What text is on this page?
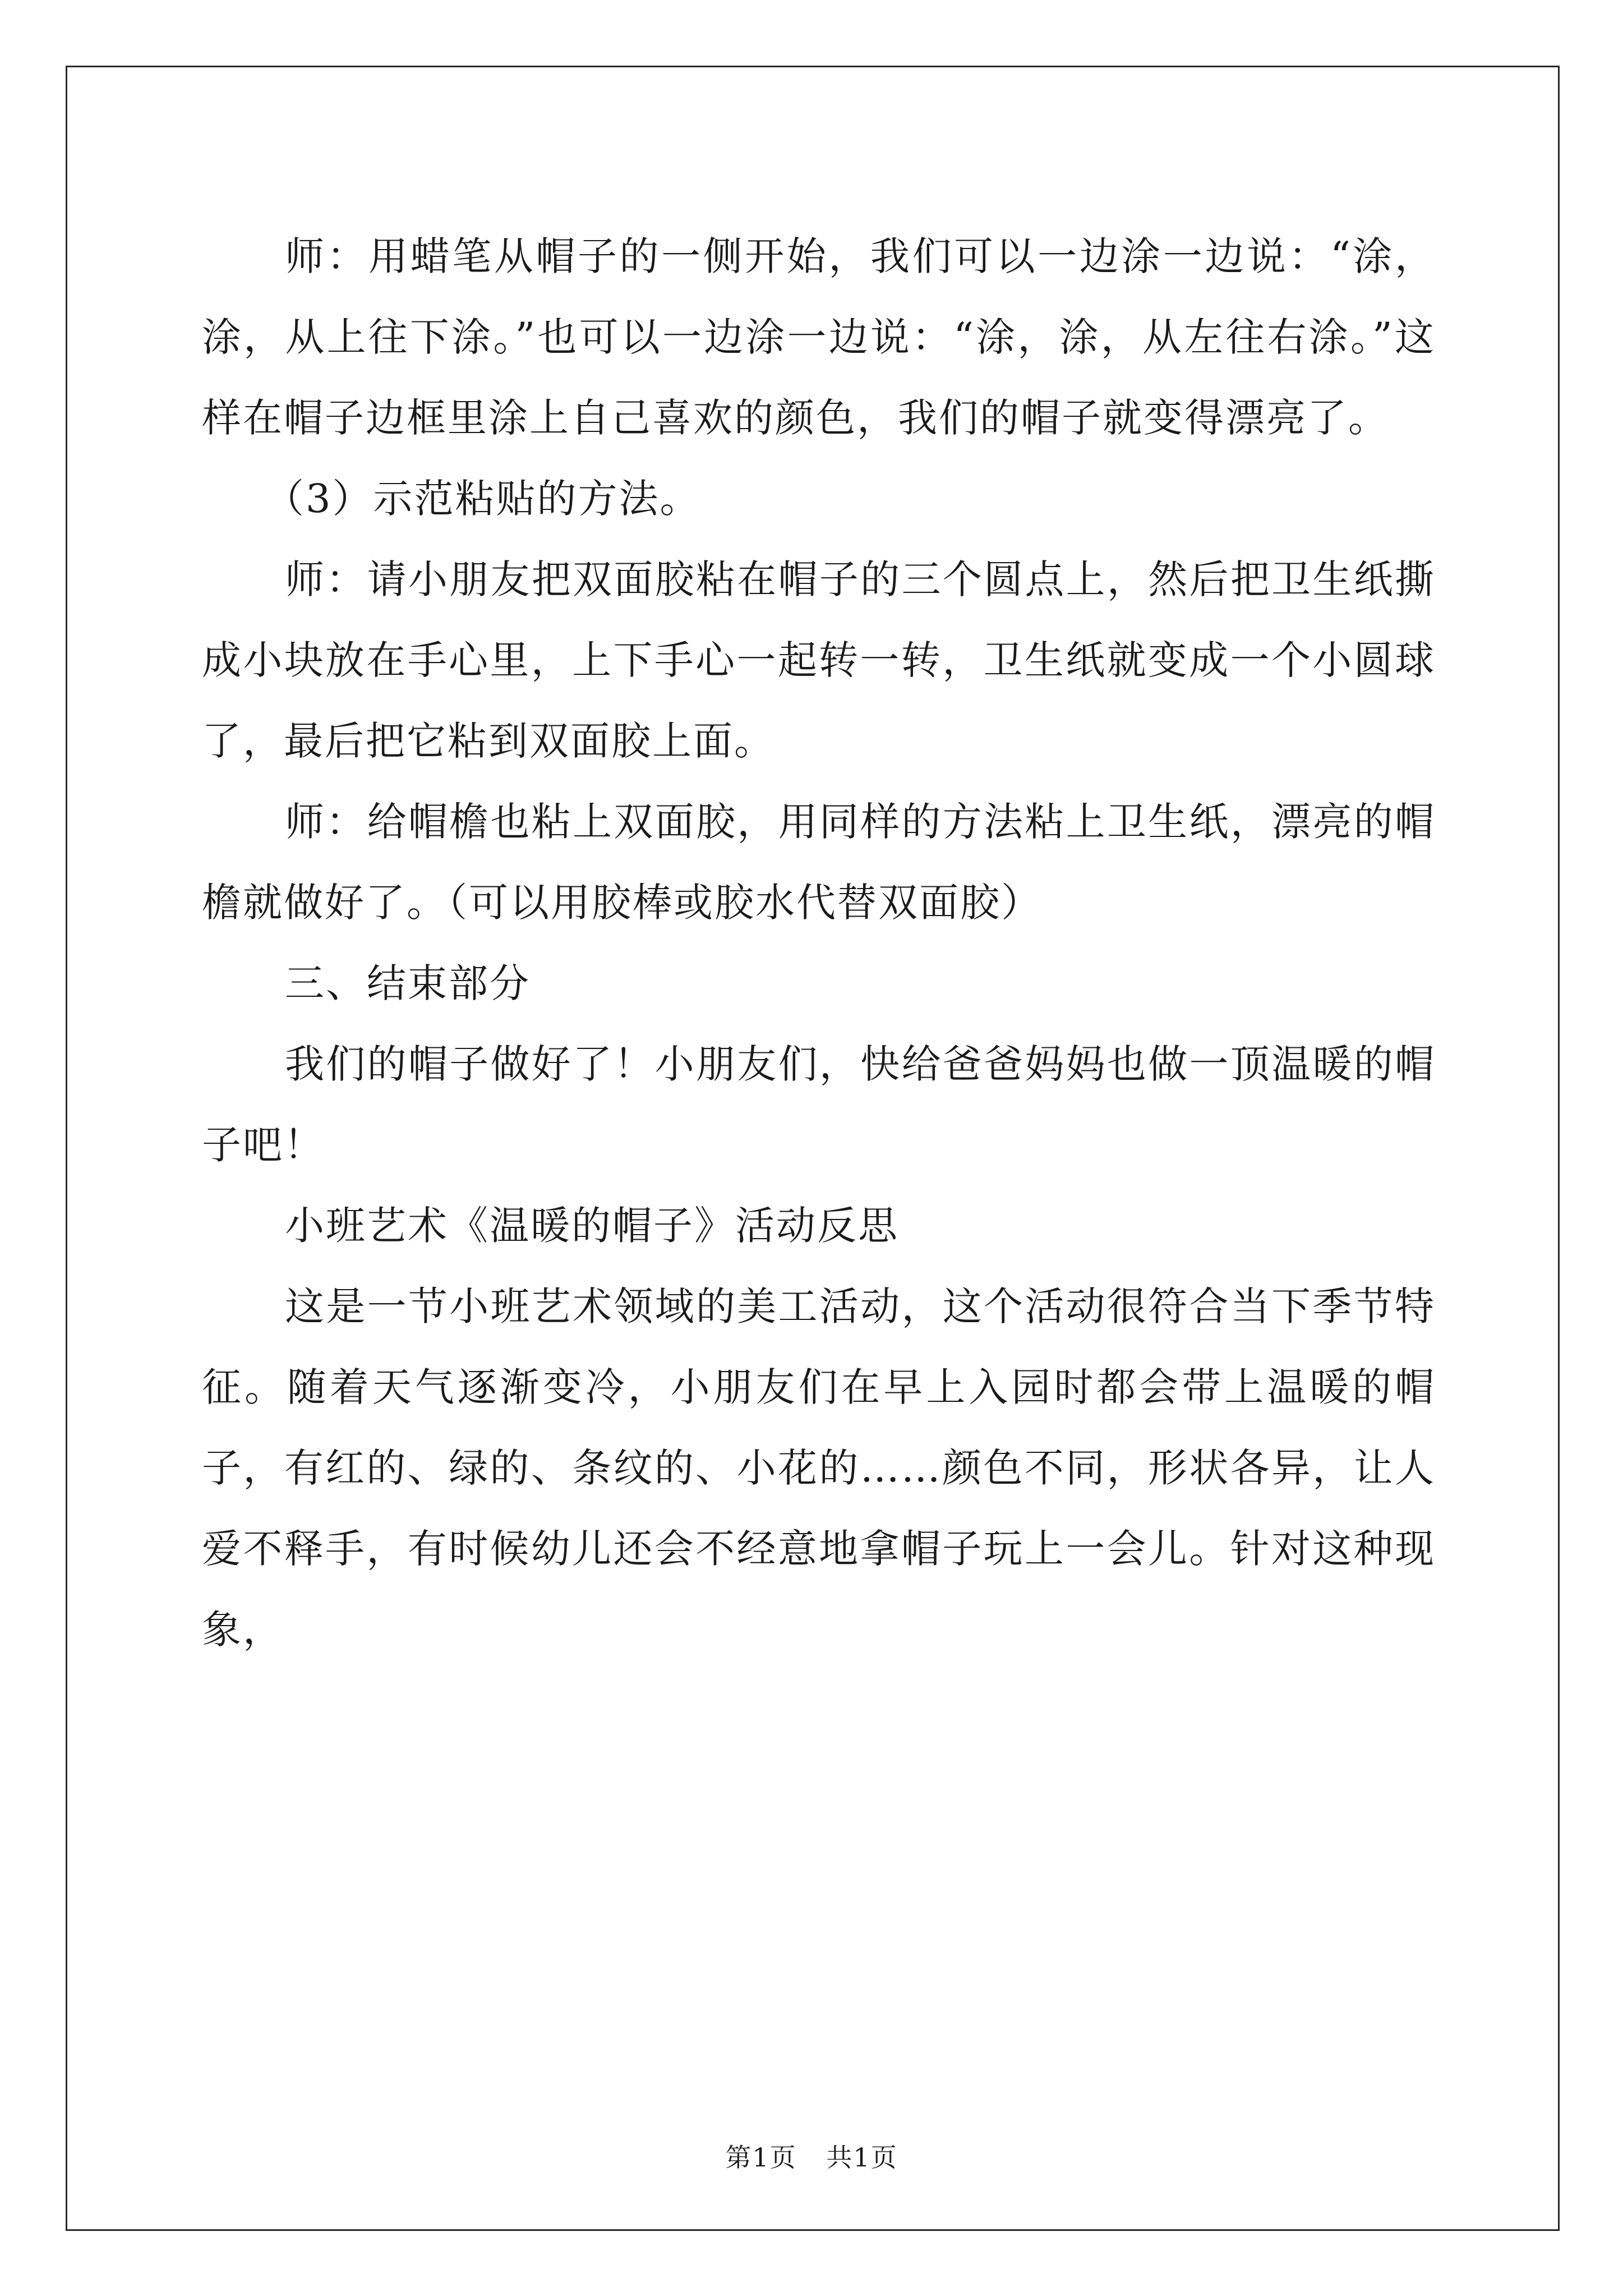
师：用蜡笔从帽子的一侧开始，我们可以一边涂一边说：“涂，涂，从上往下涂。”也可以一边涂一边说：“涂，涂，从左往右涂。”这样在帽子边框里涂上自己喜欢的颜色，我们的帽子就变得漂亮了。

（3）示范粘贴的方法。

师：请小朋友把双面胶粘在帽子的三个圆点上，然后把卫生纸撕成小块放在手心里，上下手心一起转一转，卫生纸就变成一个小圆球了，最后把它粘到双面胶上面。

师：给帽檐也粘上双面胶，用同样的方法粘上卫生纸，漂亮的帽檐就做好了。（可以用胶棒或胶水代替双面胶）

三、结束部分

我们的帽子做好了！小朋友们，快给爸爸妈妈也做一顶温暖的帽子吧！

小班艺术《温暖的帽子》活动反思

这是一节小班艺术领域的美工活动，这个活动很符合当下季节特征。随着天气逐渐变冷，小朋友们在早上入园时都会带上温暖的帽子，有红的、绿的、条纹的、小花的……颜色不同，形状各异，让人爱不释手，有时候幼儿还会不经意地拿帽子玩上一会儿。针对这种现象，

第1页 共1页
